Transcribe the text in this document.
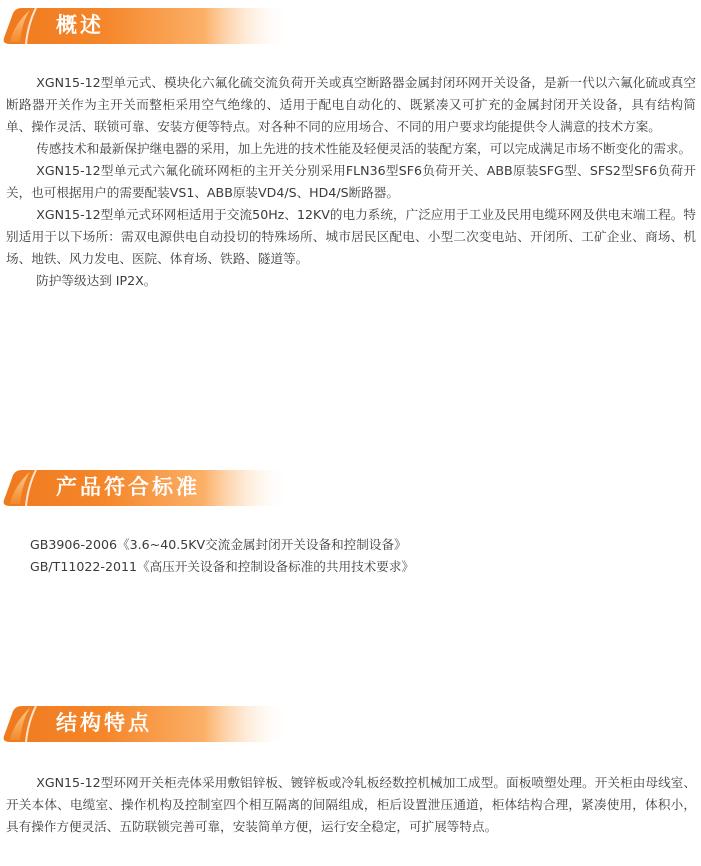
概述

XGN15-12型单元式、模块化六氟化硫交流负荷开关或真空断路器金属封闭环网开关设备，是新一代以六氟化硫或真空断路器开关作为主开关而整柜采用空气绝缘的、适用于配电自动化的、既紧凑又可扩充的金属封闭开关设备，具有结构简单、操作灵活、联锁可靠、安装方便等特点。对各种不同的应用场合、不同的用户要求均能提供令人满意的技术方案。

传感技术和最新保护继电器的采用，加上先进的技术性能及轻便灵活的装配方案，可以完成满足市场不断变化的需求。

XGN15-12型单元式六氟化硫环网柜的主开关分别采用FLN36型SF6负荷开关、ABB原装SFG型、SFS2型SF6负荷开关，也可根据用户的需要配装VS1、ABB原装VD4/S、HD4/S断路器。

XGN15-12型单元式环网柜适用于交流50Hz、12KV的电力系统，广泛应用于工业及民用电缆环网及供电末端工程。特别适用于以下场所：需双电源供电自动投切的特殊场所、城市居民区配电、小型二次变电站、开闭所、工矿企业、商场、机场、地铁、风力发电、医院、体育场、铁路、隧道等。

防护等级达到 IP2X。

产品符合标准

GB3906-2006《3.6~40.5KV交流金属封闭开关设备和控制设备》

GB/T11022-2011《高压开关设备和控制设备标准的共用技术要求》

结构特点

XGN15-12型环网开关柜壳体采用敷铝锌板、镀锌板或冷轧板经数控机械加工成型。面板喷塑处理。开关柜由母线室、开关本体、电缆室、操作机构及控制室四个相互隔离的间隔组成，柜后设置泄压通道，柜体结构合理，紧凑使用，体积小，具有操作方便灵活、五防联锁完善可靠，安装简单方便，运行安全稳定，可扩展等特点。
